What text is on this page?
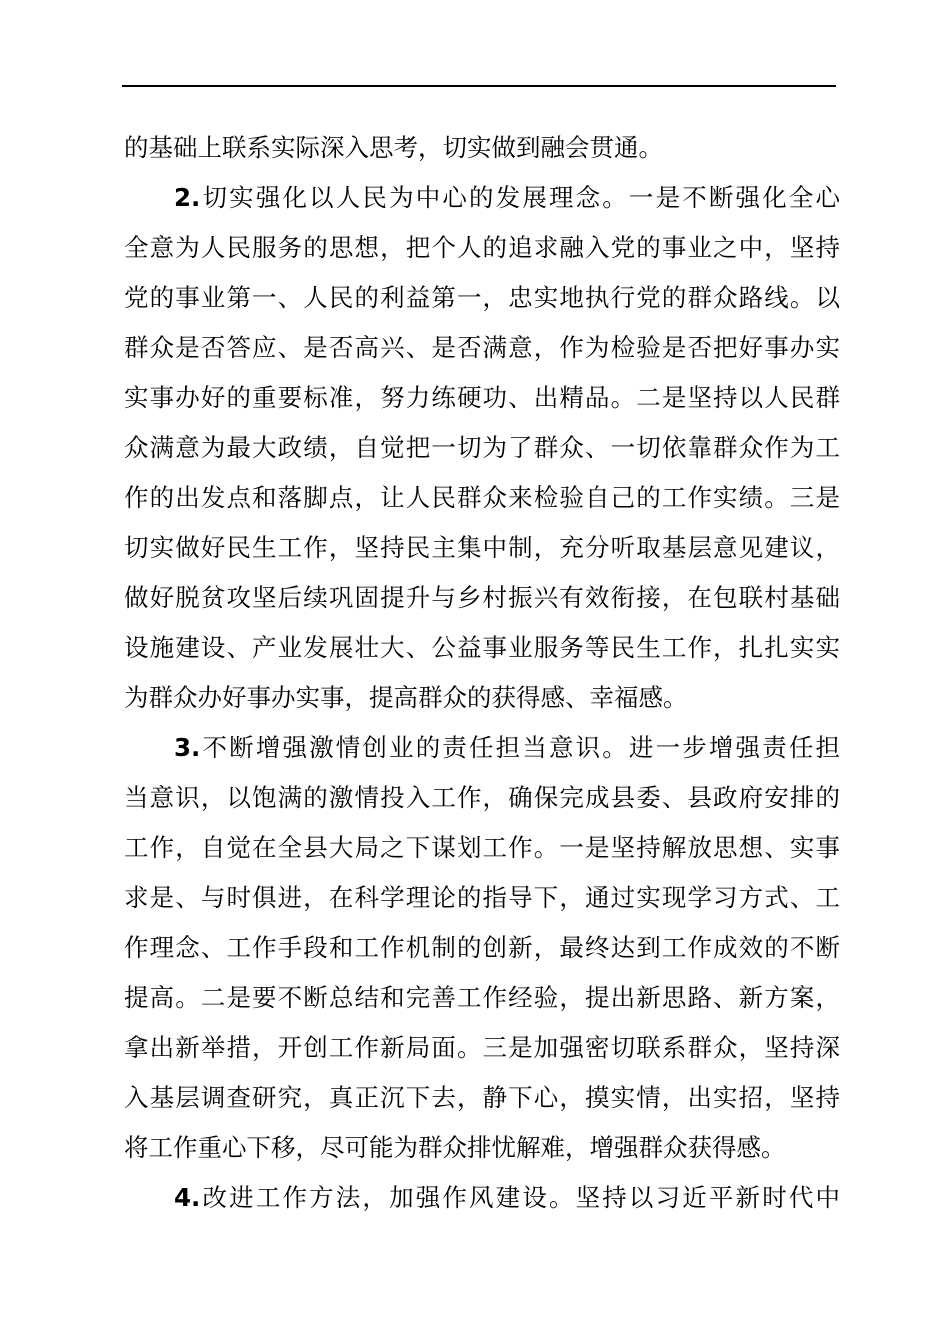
的基础上联系实际深入思考，切实做到融会贯通。
2.切实强化以人民为中心的发展理念。一是不断强化全心
全意为人民服务的思想，把个人的追求融入党的事业之中，坚持
党的事业第一、人民的利益第一，忠实地执行党的群众路线。以
群众是否答应、是否高兴、是否满意，作为检验是否把好事办实
实事办好的重要标准，努力练硬功、出精品。二是坚持以人民群
众满意为最大政绩，自觉把一切为了群众、一切依靠群众作为工
作的出发点和落脚点，让人民群众来检验自己的工作实绩。三是
切实做好民生工作，坚持民主集中制，充分听取基层意见建议，
做好脱贫攻坚后续巩固提升与乡村振兴有效衔接，在包联村基础
设施建设、产业发展壮大、公益事业服务等民生工作，扎扎实实
为群众办好事办实事，提高群众的获得感、幸福感。
3.不断增强激情创业的责任担当意识。进一步增强责任担
当意识，以饱满的激情投入工作，确保完成县委、县政府安排的
工作，自觉在全县大局之下谋划工作。一是坚持解放思想、实事
求是、与时俱进，在科学理论的指导下，通过实现学习方式、工
作理念、工作手段和工作机制的创新，最终达到工作成效的不断
提高。二是要不断总结和完善工作经验，提出新思路、新方案，
拿出新举措，开创工作新局面。三是加强密切联系群众，坚持深
入基层调查研究，真正沉下去，静下心，摸实情，出实招，坚持
将工作重心下移，尽可能为群众排忧解难，增强群众获得感。
4.改进工作方法，加强作风建设。坚持以习近平新时代中
